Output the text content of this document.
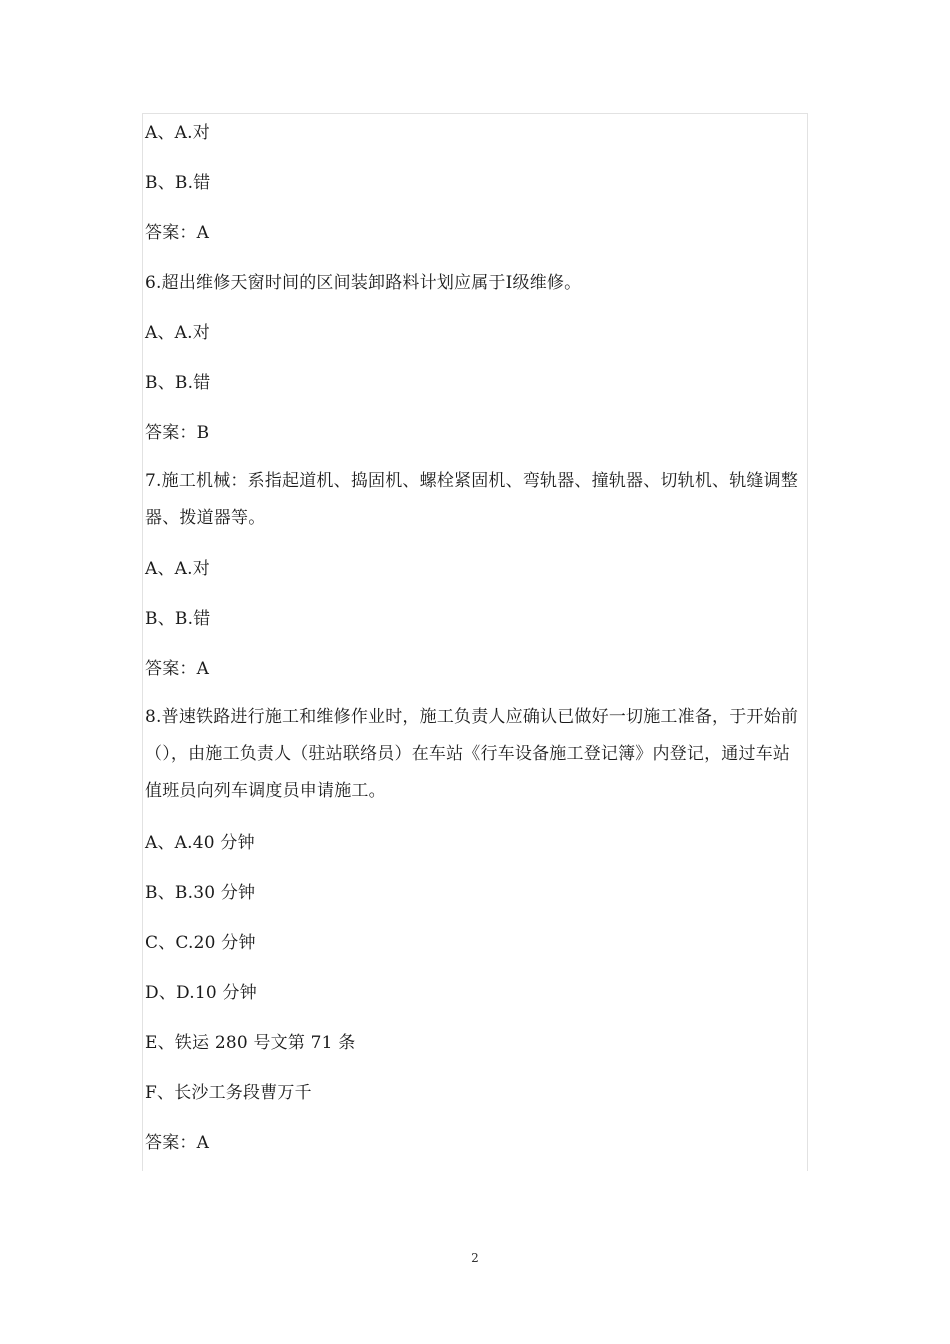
A、A.对
B、B.错
答案：A
6.超出维修天窗时间的区间装卸路料计划应属于Ⅰ级维修。
A、A.对
B、B.错
答案：B
7.施工机械：系指起道机、捣固机、螺栓紧固机、弯轨器、撞轨器、切轨机、轨缝调整器、拨道器等。
A、A.对
B、B.错
答案：A
8.普速铁路进行施工和维修作业时，施工负责人应确认已做好一切施工准备，于开始前（），由施工负责人（驻站联络员）在车站《行车设备施工登记簿》内登记，通过车站值班员向列车调度员申请施工。
A、A.40 分钟
B、B.30 分钟
C、C.20 分钟
D、D.10 分钟
E、铁运 280 号文第 71 条
F、长沙工务段曹万千
答案：A
2
